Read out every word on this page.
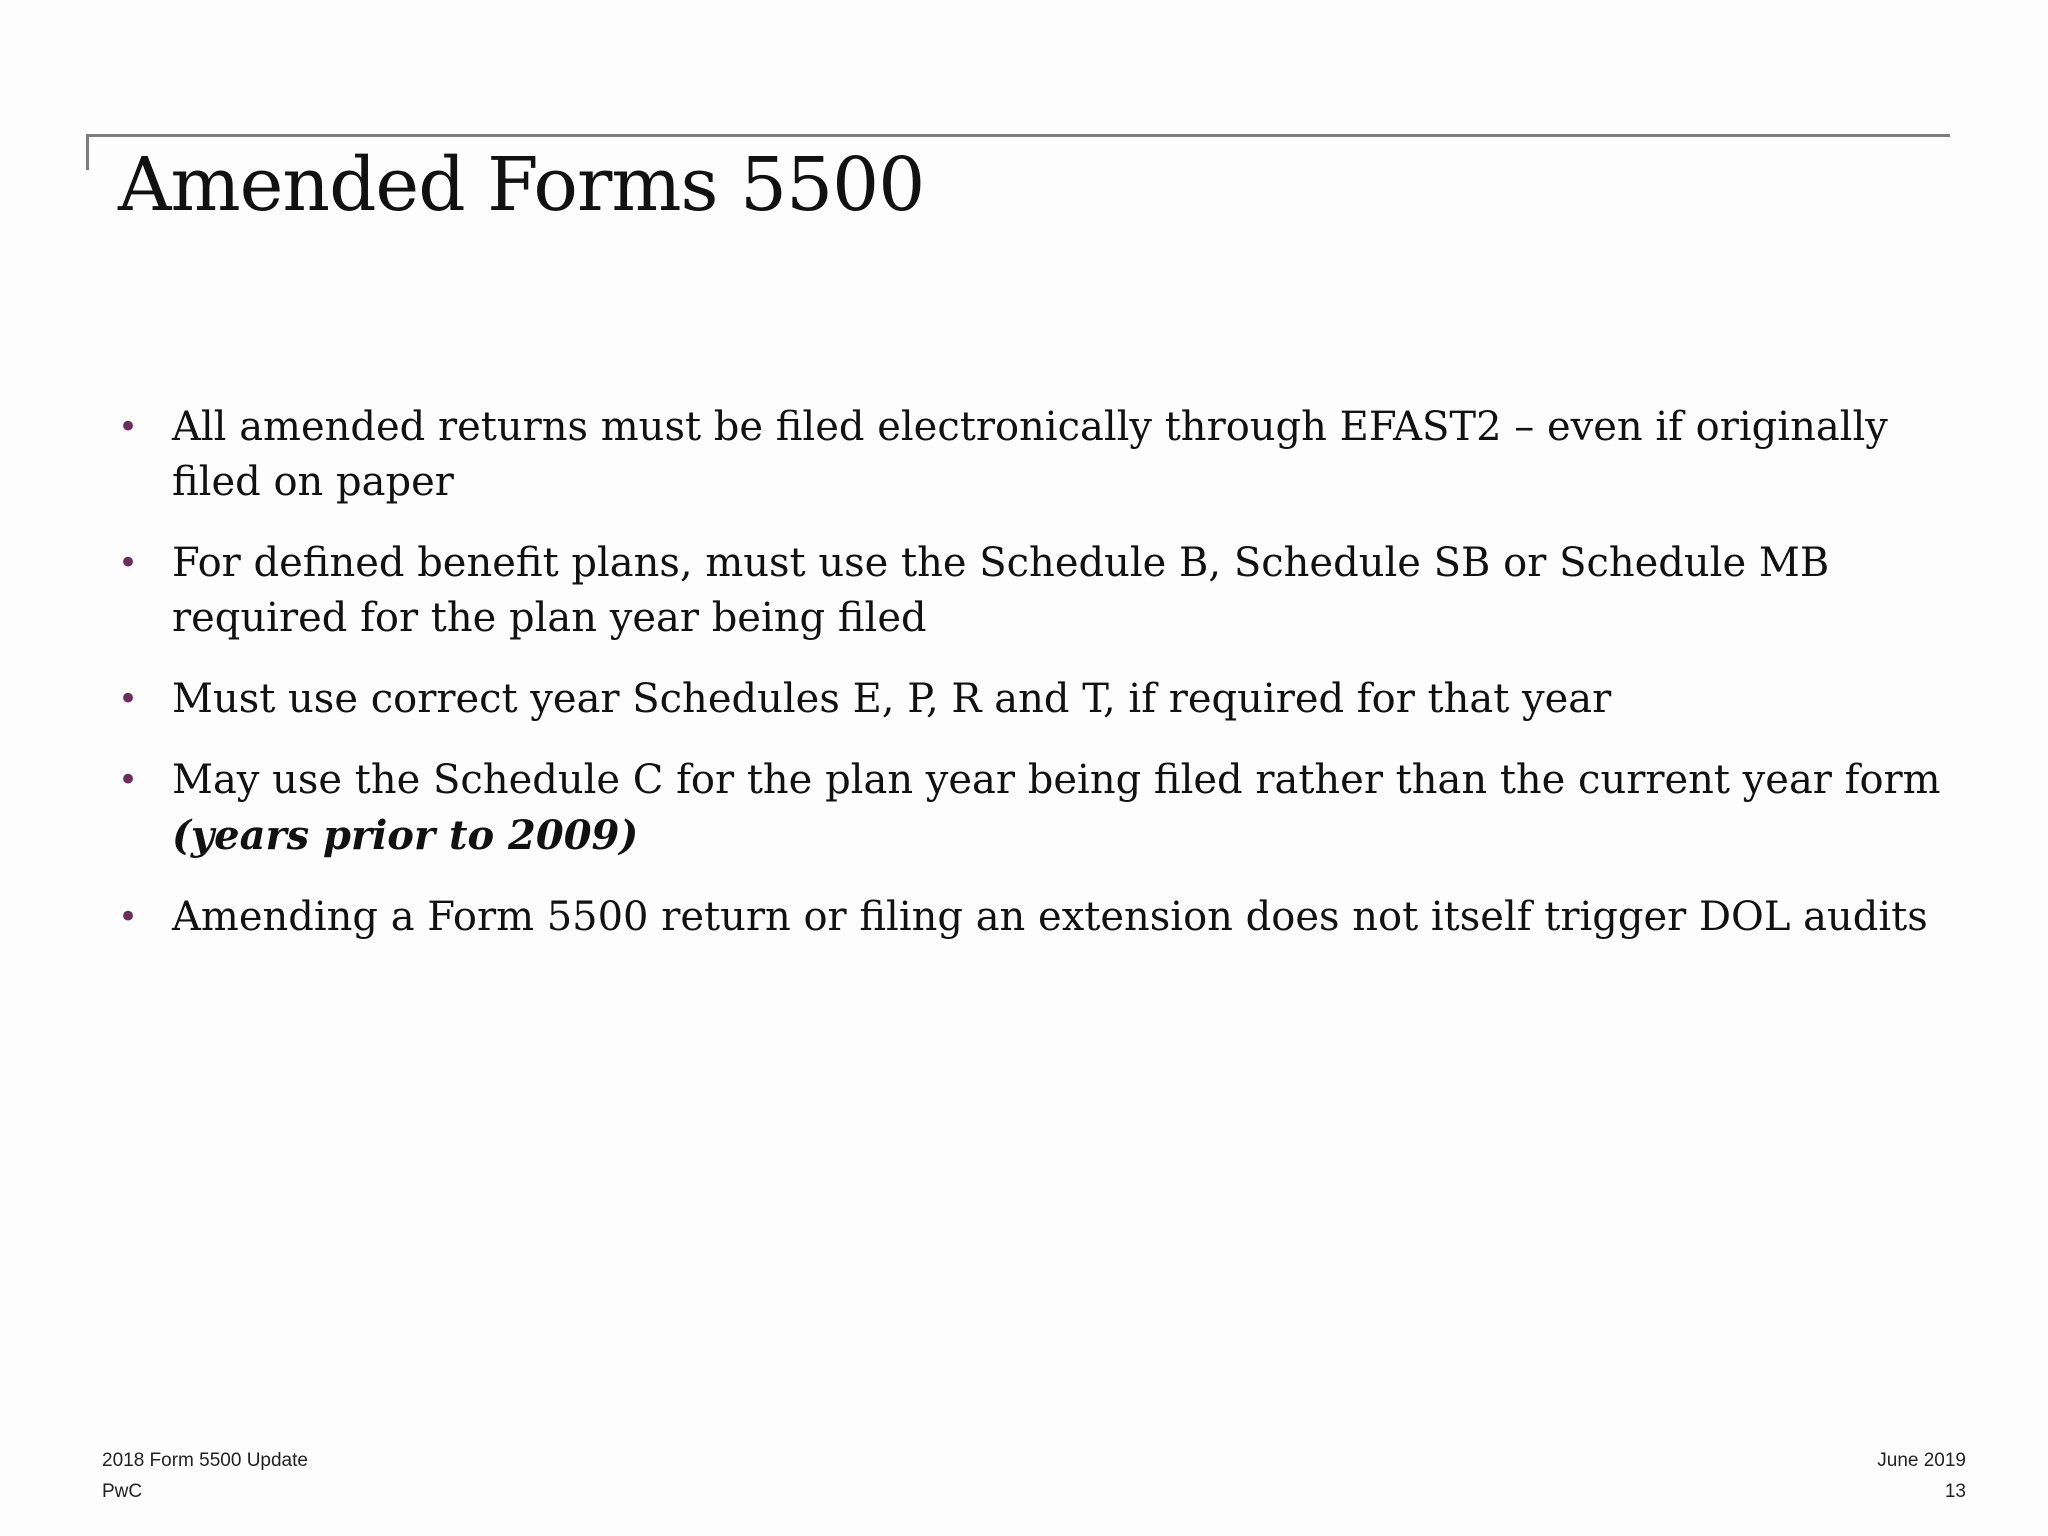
Amended Forms 5500
• All amended returns must be filed electronically through EFAST2 – even if originally filed on paper
• For defined benefit plans, must use the Schedule B, Schedule SB or Schedule MB required for the plan year being filed
• Must use correct year Schedules E, P, R and T, if required for that year
• May use the Schedule C for the plan year being filed rather than the current year form (years prior to 2009)
• Amending a Form 5500 return or filing an extension does not itself trigger DOL audits
2018 Form 5500 Update
PwC
June 2019
13
